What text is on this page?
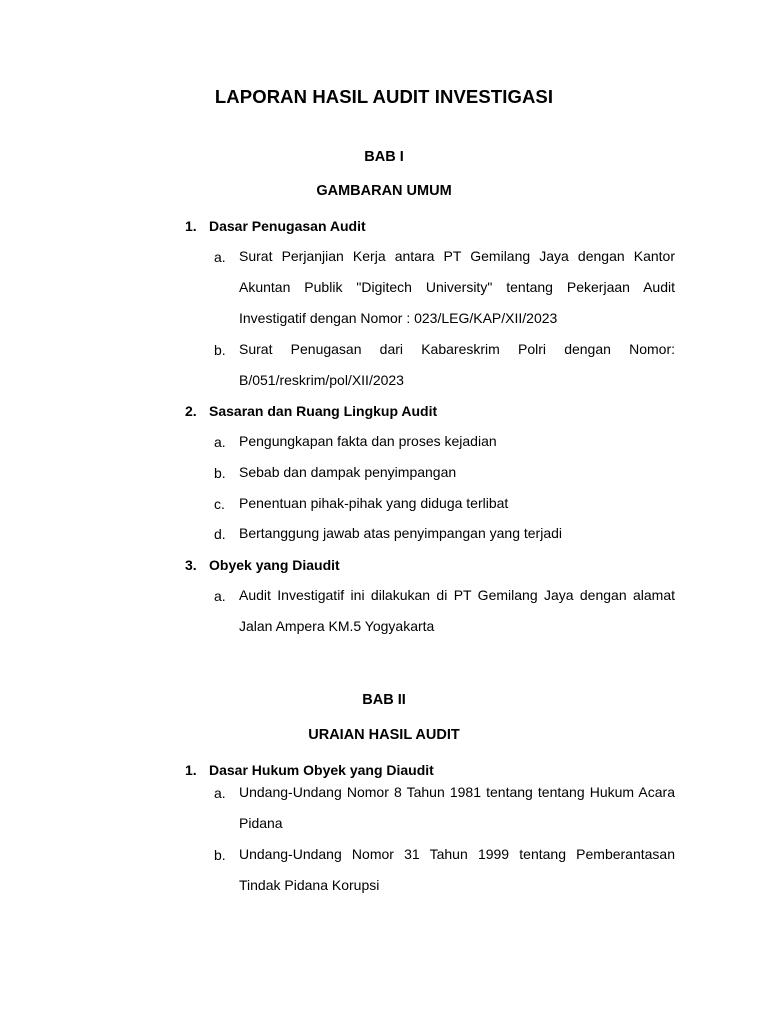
LAPORAN HASIL AUDIT INVESTIGASI
BAB I
GAMBARAN UMUM
1. Dasar Penugasan Audit
a. Surat Perjanjian Kerja antara PT Gemilang Jaya dengan Kantor Akuntan Publik "Digitech University" tentang Pekerjaan Audit Investigatif dengan Nomor : 023/LEG/KAP/XII/2023
b. Surat Penugasan dari Kabareskrim Polri dengan Nomor: B/051/reskrim/pol/XII/2023
2. Sasaran dan Ruang Lingkup Audit
a. Pengungkapan fakta dan proses kejadian
b. Sebab dan dampak penyimpangan
c.	Penentuan pihak-pihak yang diduga terlibat
d. Bertanggung jawab atas penyimpangan yang terjadi
3. Obyek yang Diaudit
a. Audit Investigatif ini dilakukan di PT Gemilang Jaya dengan alamat Jalan Ampera KM.5 Yogyakarta
BAB II
URAIAN HASIL AUDIT
1. Dasar Hukum Obyek yang Diaudit
a. Undang-Undang Nomor 8 Tahun 1981 tentang tentang Hukum Acara Pidana
b. Undang-Undang Nomor 31 Tahun 1999 tentang Pemberantasan Tindak Pidana Korupsi
